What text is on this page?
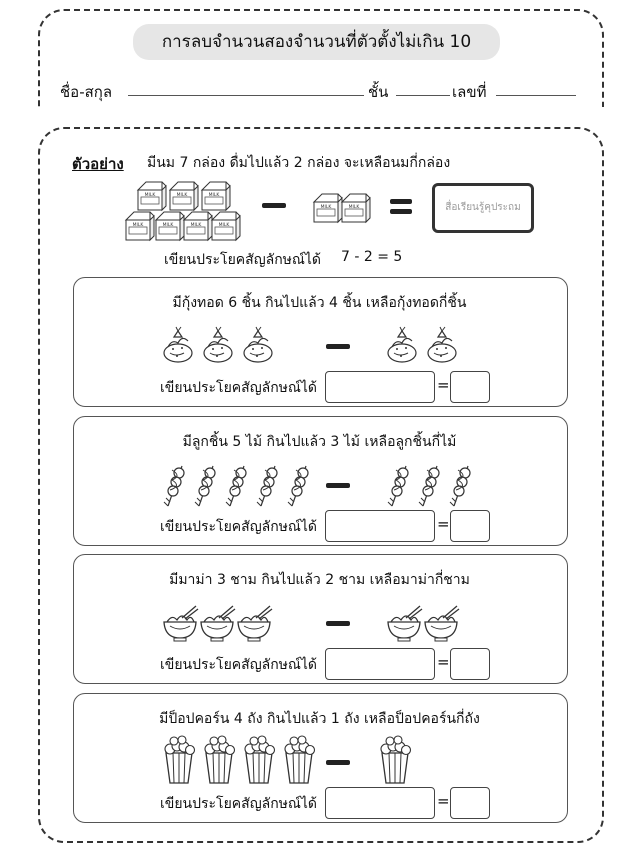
MILK
การลบจำนวนสองจำนวนที่ตัวตั้งไม่เกิน 10
ชื่อ-สกุล	ชั้น	เลขที่
ตัวอย่าง มีนม 7 กล่อง ดื่มไปแล้ว 2 กล่อง จะเหลือนมกี่กล่อง
สื่อเรียนรู้คุประถม
เขียนประโยคสัญลักษณ์ได้ 7 - 2 = 5
มีกุ้งทอด 6 ชิ้น กินไปแล้ว 4 ชิ้น เหลือกุ้งทอดกี่ชิ้น
เขียนประโยคสัญลักษณ์ได้	=
มีลูกชิ้น 5 ไม้ กินไปแล้ว 3 ไม้ เหลือลูกชิ้นกี่ไม้
เขียนประโยคสัญลักษณ์ได้	=
มีมาม่า 3 ชาม กินไปแล้ว 2 ชาม เหลือมาม่ากี่ชาม
เขียนประโยคสัญลักษณ์ได้	=
มีป็อปคอร์น 4 ถัง กินไปแล้ว 1 ถัง เหลือป็อปคอร์นกี่ถัง
เขียนประโยคสัญลักษณ์ได้	=
